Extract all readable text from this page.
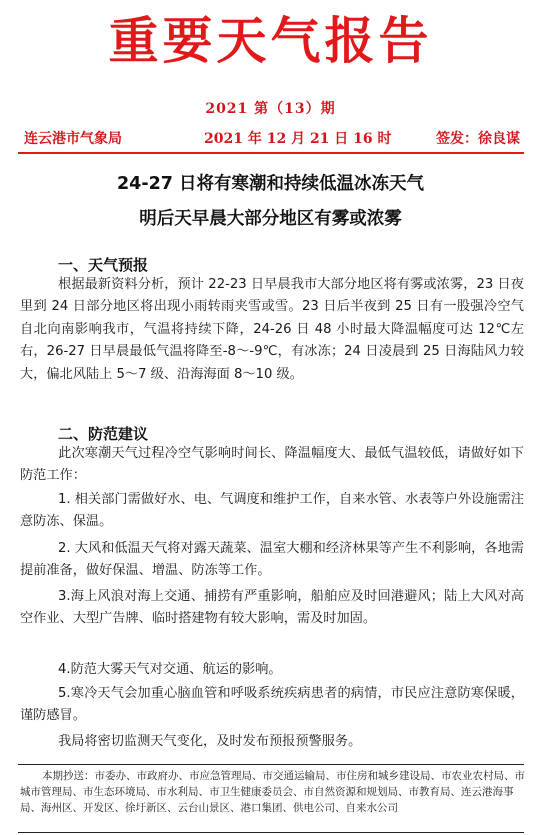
重要天气报告
2021 第（13）期
连云港市气象局	2021 年 12 月 21 日 16 时	签发：徐良谋
24-27 日将有寒潮和持续低温冰冻天气
明后天早晨大部分地区有雾或浓雾
一、天气预报
根据最新资料分析，预计 22-23 日早晨我市大部分地区将有雾或浓雾，23 日夜里到 24 日部分地区将出现小雨转雨夹雪或雪。23 日后半夜到 25 日有一股强冷空气自北向南影响我市，气温将持续下降，24-26 日 48 小时最大降温幅度可达 12℃左右，26-27 日早晨最低气温将降至-8～-9℃，有冰冻；24 日凌晨到 25 日海陆风力较大，偏北风陆上 5～7 级、沿海海面 8～10 级。
二、防范建议
此次寒潮天气过程冷空气影响时间长、降温幅度大、最低气温较低，请做好如下防范工作：
1. 相关部门需做好水、电、气调度和维护工作，自来水管、水表等户外设施需注意防冻、保温。
2. 大风和低温天气将对露天蔬菜、温室大棚和经济林果等产生不利影响，各地需提前准备，做好保温、增温、防冻等工作。
3.海上风浪对海上交通、捕捞有严重影响，船舶应及时回港避风；陆上大风对高空作业、大型广告牌、临时搭建物有较大影响，需及时加固。
4.防范大雾天气对交通、航运的影响。
5.寒冷天气会加重心脑血管和呼吸系统疾病患者的病情，市民应注意防寒保暖，谨防感冒。
我局将密切监测天气变化，及时发布预报预警服务。
本期抄送：市委办、市政府办、市应急管理局、市交通运输局、市住房和城乡建设局、市农业农村局、市城市管理局、市生态环境局、市水利局、市卫生健康委员会、市自然资源和规划局、市教育局、连云港海事局、海州区、开发区、徐圩新区、云台山景区、港口集团、供电公司、自来水公司
